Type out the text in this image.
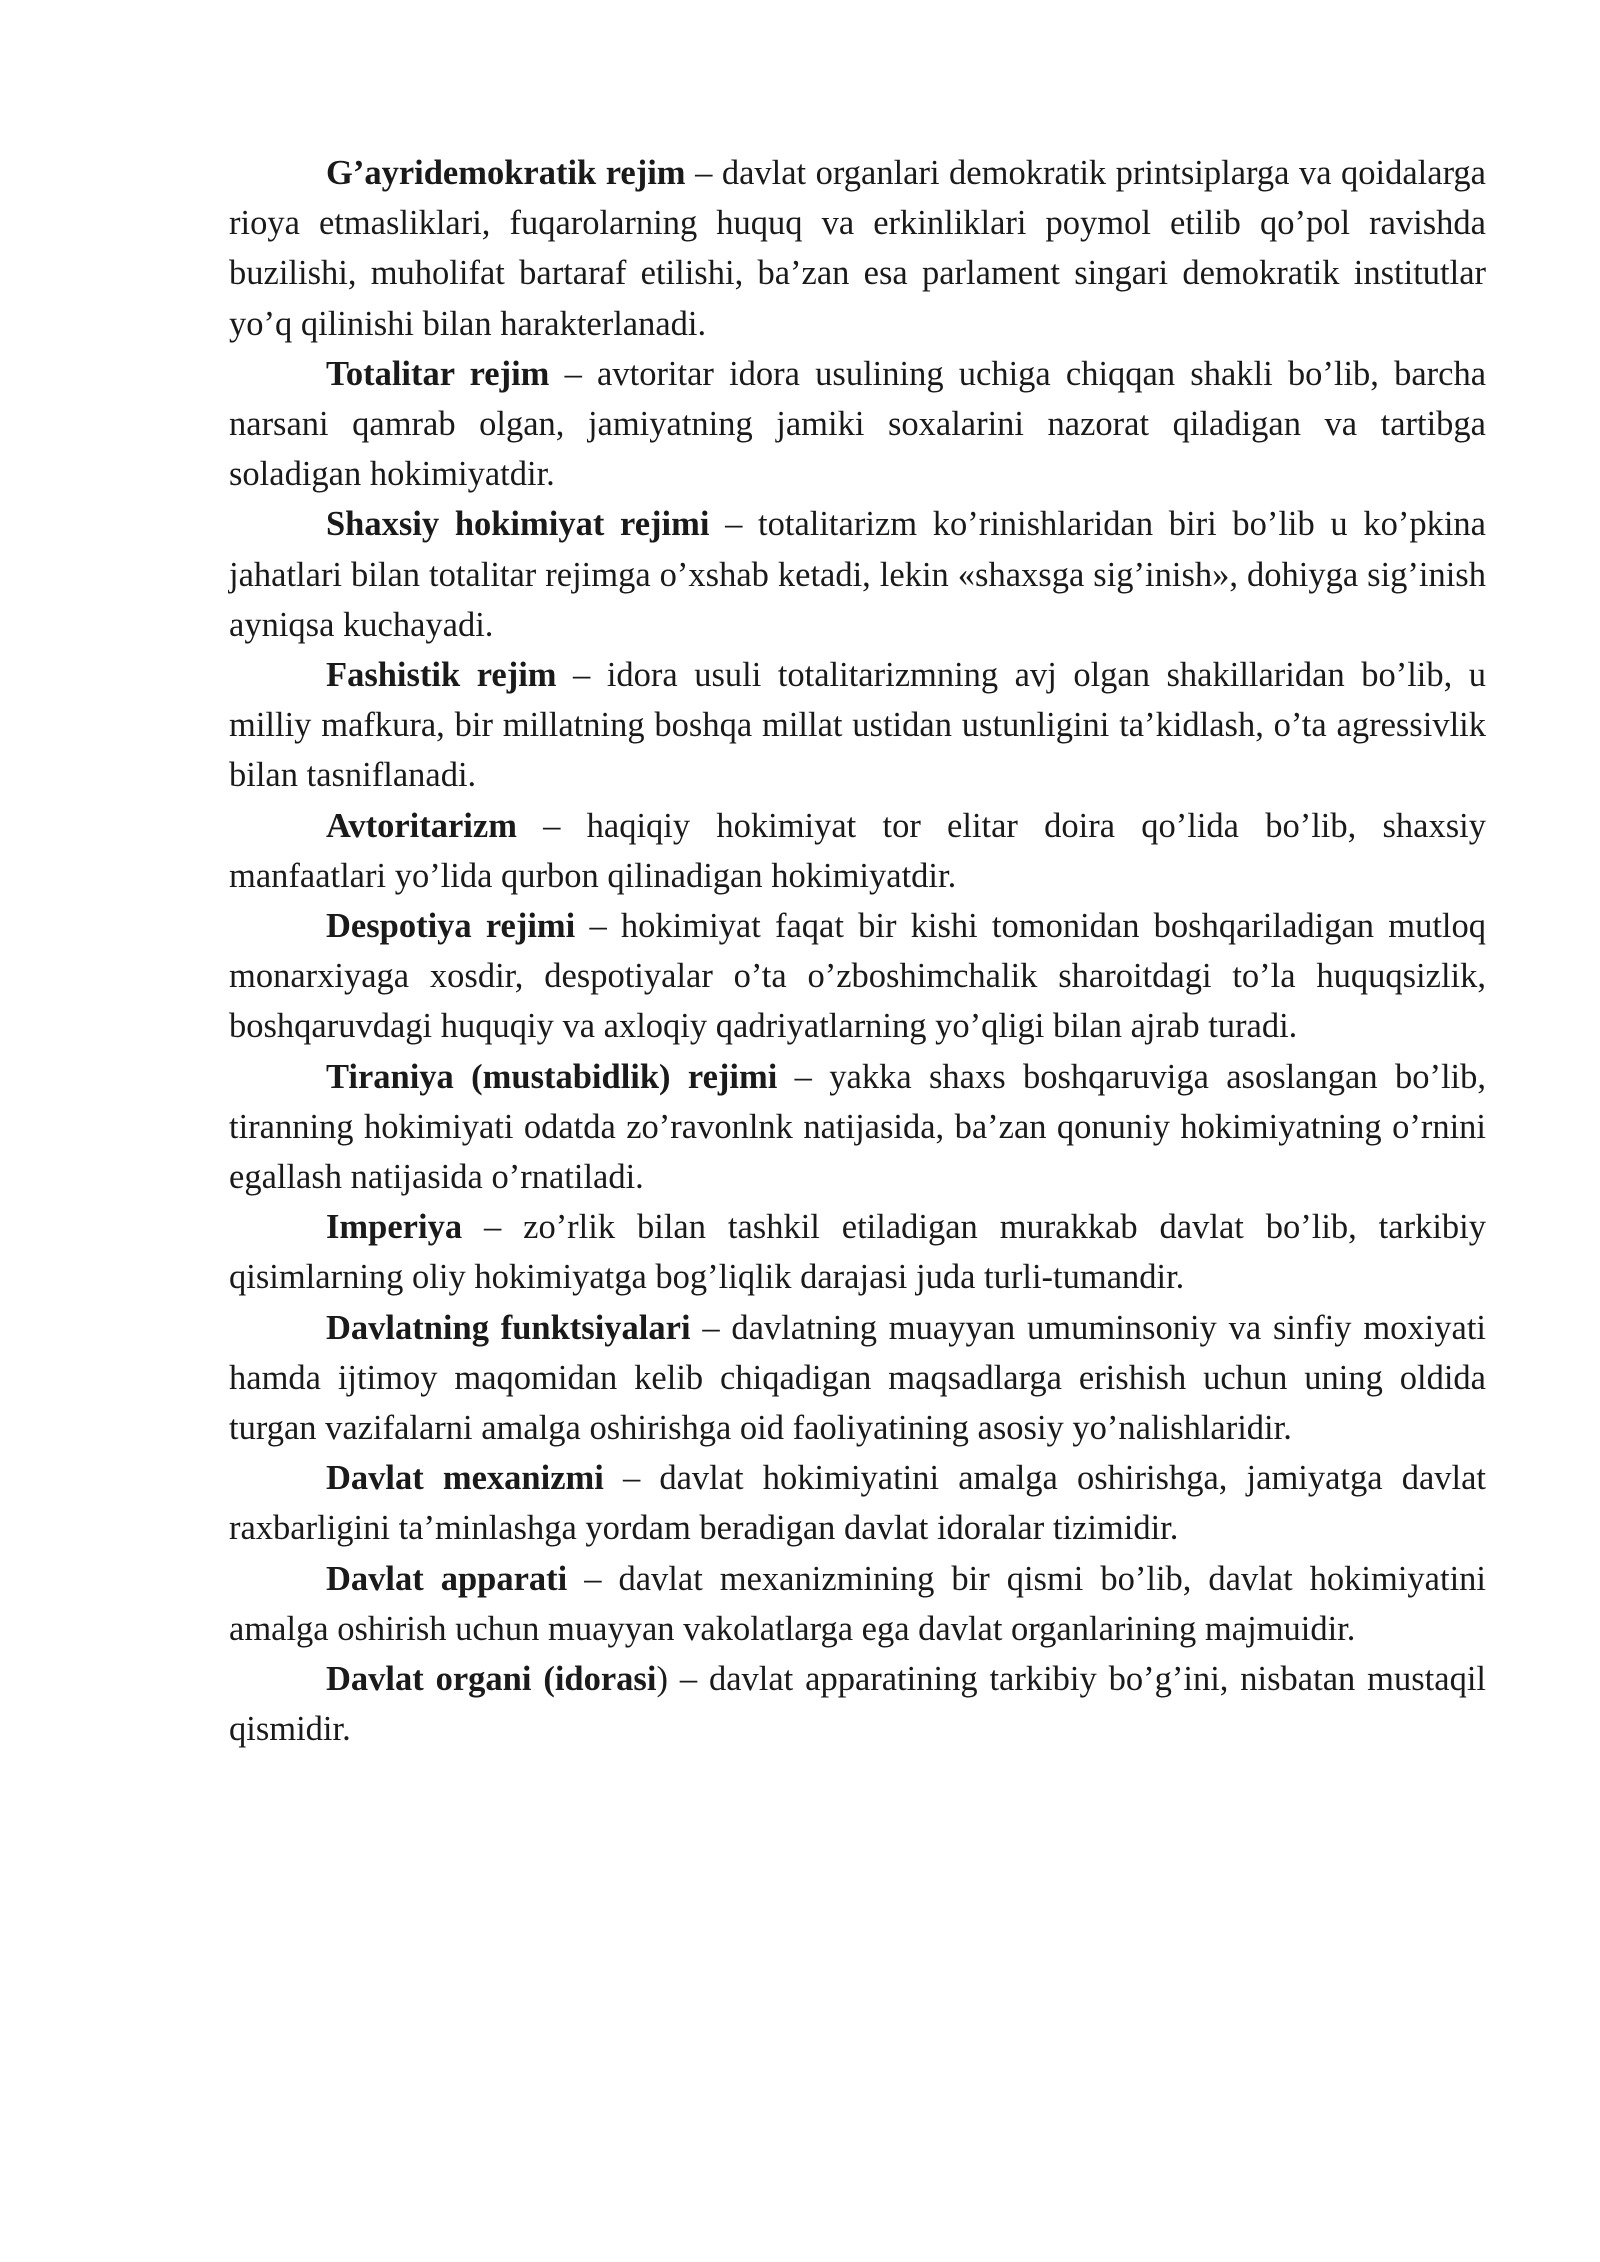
G’ayridemokratik rejim – davlat organlari demokratik printsiplarga va qoidalarga rioya etmasliklari, fuqarolarning huquq va erkinliklari poymol etilib qo’pol ravishda buzilishi, muholifat bartaraf etilishi, ba’zan esa parlament singari demokratik institutlar yo’q qilinishi bilan harakterlanadi.

Totalitar rejim – avtoritar idora usulining uchiga chiqqan shakli bo’lib, barcha narsani qamrab olgan, jamiyatning jamiki soxalarini nazorat qiladigan va tartibga soladigan hokimiyatdir.

Shaxsiy hokimiyat rejimi – totalitarizm ko’rinishlaridan biri bo’lib u ko’pkina jahatlari bilan totalitar rejimga o’xshab ketadi, lekin «shaxsga sig’inish», dohiyga sig’inish ayniqsa kuchayadi.

Fashistik rejim – idora usuli totalitarizmning avj olgan shakillaridan bo’lib, u milliy mafkura, bir millatning boshqa millat ustidan ustunligini ta’kidlash, o’ta agressivlik bilan tasniflanadi.

Avtoritarizm – haqiqiy hokimiyat tor elitar doira qo’lida bo’lib, shaxsiy manfaatlari yo’lida qurbon qilinadigan hokimiyatdir.

Despotiya rejimi – hokimiyat faqat bir kishi tomonidan boshqariladigan mutloq monarxiyaga xosdir, despotiyalar o’ta o’zboshimchalik sharoitdagi to’la huquqsizlik, boshqaruvdagi huquqiy va axloqiy qadriyatlarning yo’qligi bilan ajrab turadi.

Tiraniya (mustabidlik) rejimi – yakka shaxs boshqaruviga asoslangan bo’lib, tiranning hokimiyati odatda zo’ravonlnk natijasida, ba’zan qonuniy hokimiyatning o’rnini egallash natijasida o’rnatiladi.

Imperiya – zo’rlik bilan tashkil etiladigan murakkab davlat bo’lib, tarkibiy qisimlarning oliy hokimiyatga bog’liqlik darajasi juda turli-tumandir.

Davlatning funktsiyalari – davlatning muayyan umuminsoniy va sinfiy moxiyati hamda ijtimoy maqomidan kelib chiqadigan maqsadlarga erishish uchun uning oldida turgan vazifalarni amalga oshirishga oid faoliyatining asosiy yo’nalishlaridir.

Davlat mexanizmi – davlat hokimiyatini amalga oshirishga, jamiyatga davlat raxbarligini ta’minlashga yordam beradigan davlat idoralar tizimidir.

Davlat apparati – davlat mexanizmining bir qismi bo’lib, davlat hokimiyatini amalga oshirish uchun muayyan vakolatlarga ega davlat organlarining majmuidir.

Davlat organi (idorasi) – davlat apparatining tarkibiy bo’g’ini, nisbatan mustaqil qismidir.
